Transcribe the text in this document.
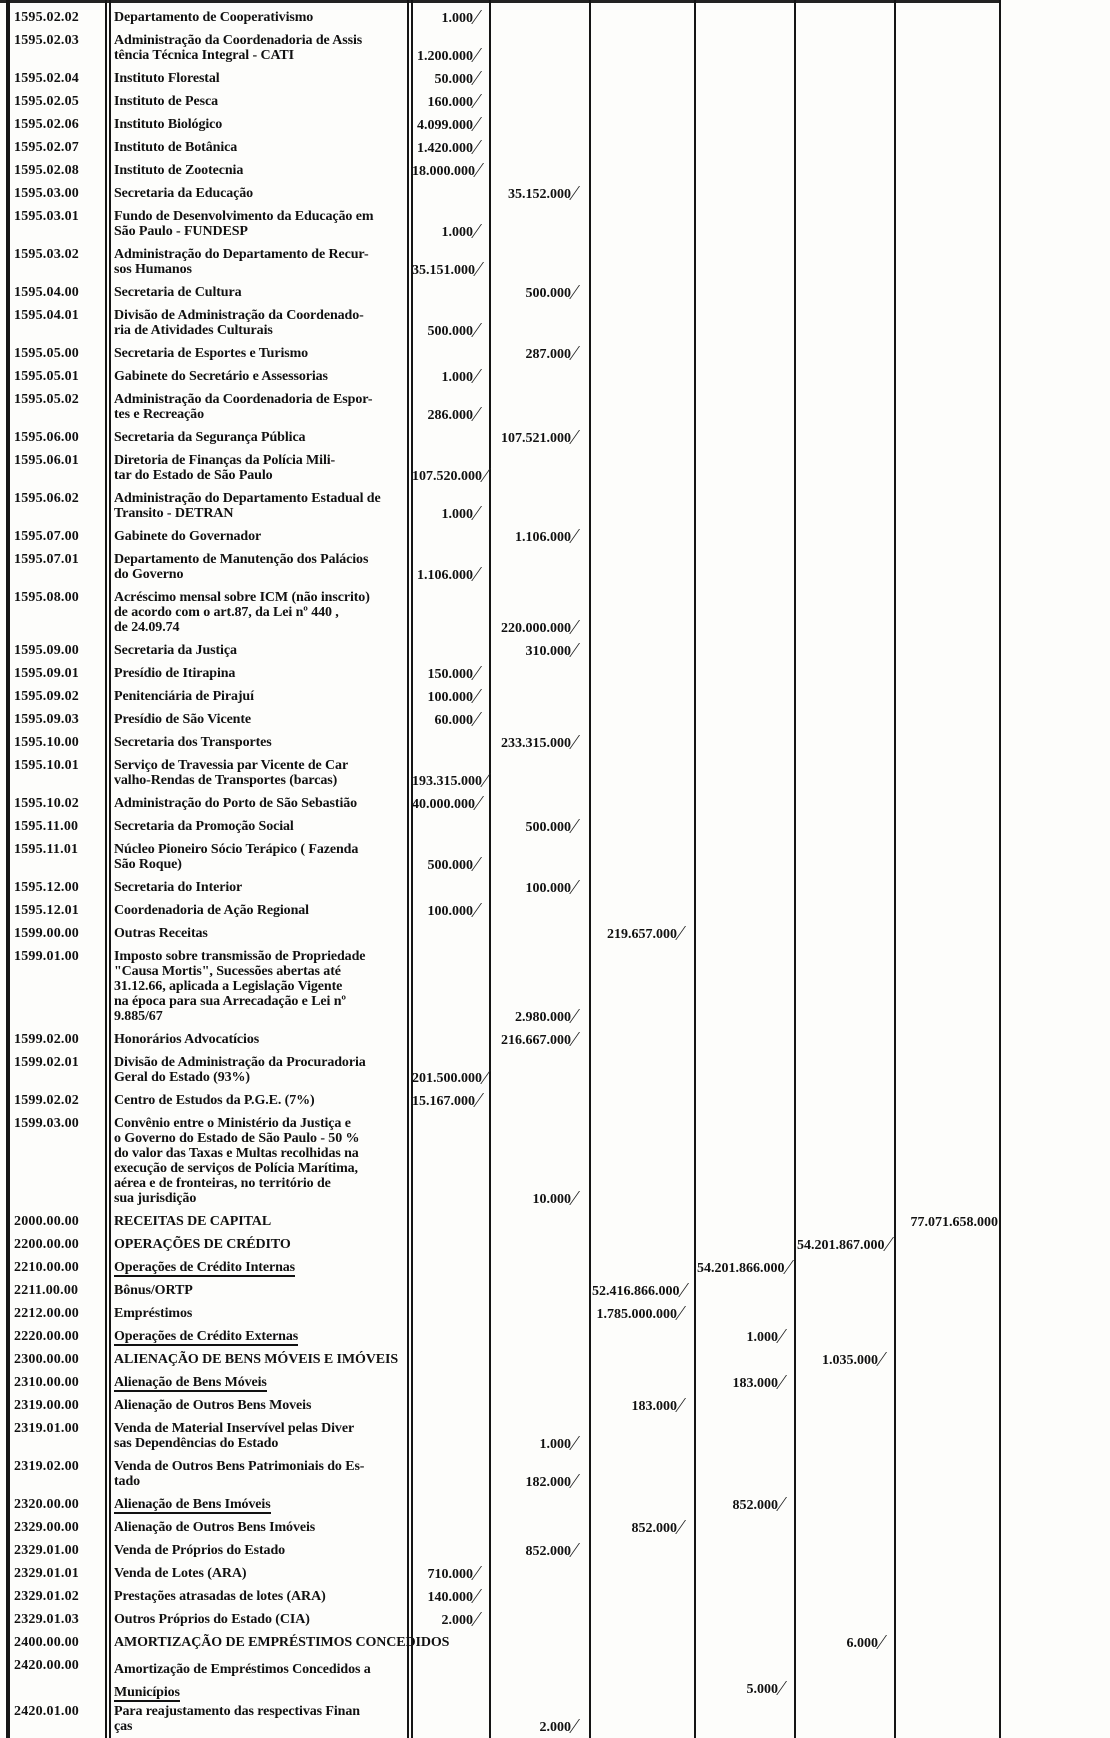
1595.02.02	Departamento de Cooperativismo	1.000
1595.02.03	Administração da Coordenadoria de Assis
tência Técnica Integral - CATI	1.200.000
1595.02.04	Instituto Florestal	50.000
1595.02.05	Instituto de Pesca	160.000
1595.02.06	Instituto Biológico	4.099.000
1595.02.07	Instituto de Botânica	1.420.000
1595.02.08	Instituto de Zootecnia	18.000.000
1595.03.00	Secretaria da Educação	35.152.000
1595.03.01	Fundo de Desenvolvimento da Educação em
São Paulo - FUNDESP	1.000
1595.03.02	Administração do Departamento de Recur-
sos Humanos	35.151.000
1595.04.00	Secretaria de Cultura	500.000
1595.04.01	Divisão de Administração da Coordenado-
ria de Atividades Culturais	500.000
1595.05.00	Secretaria de Esportes e Turismo	287.000
1595.05.01	Gabinete do Secretário e Assessorias	1.000
1595.05.02	Administração da Coordenadoria de Espor-
tes e Recreação	286.000
1595.06.00	Secretaria da Segurança Pública	107.521.000
1595.06.01	Diretoria de Finanças da Polícia Mili-
tar do Estado de São Paulo	107.520.000
1595.06.02	Administração do Departamento Estadual de
Transito - DETRAN	1.000
1595.07.00	Gabinete do Governador	1.106.000
1595.07.01	Departamento de Manutenção dos Palácios
do Governo	1.106.000
1595.08.00	Acréscimo mensal sobre ICM (não inscrito)
de acordo com o art.87, da Lei nº 440 ,
de 24.09.74	220.000.000
1595.09.00	Secretaria da Justiça	310.000
1595.09.01	Presídio de Itirapina	150.000
1595.09.02	Penitenciária de Pirajuí	100.000
1595.09.03	Presídio de São Vicente	60.000
1595.10.00	Secretaria dos Transportes	233.315.000
1595.10.01	Serviço de Travessia par Vicente de Car
valho-Rendas de Transportes (barcas)	193.315.000
1595.10.02	Administração do Porto de São Sebastião	40.000.000
1595.11.00	Secretaria da Promoção Social	500.000
1595.11.01	Núcleo Pioneiro Sócio Terápico ( Fazenda
São Roque)	500.000
1595.12.00	Secretaria do Interior	100.000
1595.12.01	Coordenadoria de Ação Regional	100.000
1599.00.00	Outras Receitas	219.657.000
1599.01.00	Imposto sobre transmissão de Propriedade
"Causa Mortis", Sucessões abertas até
31.12.66, aplicada a Legislação Vigente
na época para sua Arrecadação e Lei nº
9.885/67	2.980.000
1599.02.00	Honorários Advocatícios	216.667.000
1599.02.01	Divisão de Administração da Procuradoria
Geral do Estado (93%)	201.500.000
1599.02.02	Centro de Estudos da P.G.E. (7%)	15.167.000
1599.03.00	Convênio entre o Ministério da Justiça e
o Governo do Estado de São Paulo - 50 %
do valor das Taxas e Multas recolhidas na
execução de serviços de Polícia Marítima,
aérea e de fronteiras, no território de
sua jurisdição	10.000
2000.00.00	RECEITAS DE CAPITAL	77.071.658.000
2200.00.00	OPERAÇÕES DE CRÉDITO	54.201.867.000
2210.00.00	Operações de Crédito Internas	54.201.866.000
2211.00.00	Bônus/ORTP	52.416.866.000
2212.00.00	Empréstimos	1.785.000.000
2220.00.00	Operações de Crédito Externas	1.000
2300.00.00	ALIENAÇÃO DE BENS MÓVEIS E IMÓVEIS	1.035.000
2310.00.00	Alienação de Bens Móveis	183.000
2319.00.00	Alienação de Outros Bens Moveis	183.000
2319.01.00	Venda de Material Inservível pelas Diver
sas Dependências do Estado	1.000
2319.02.00	Venda de Outros Bens Patrimoniais do Es-
tado	182.000
2320.00.00	Alienação de Bens Imóveis	852.000
2329.00.00	Alienação de Outros Bens Imóveis	852.000
2329.01.00	Venda de Próprios do Estado	852.000
2329.01.01	Venda de Lotes (ARA)	710.000
2329.01.02	Prestações atrasadas de lotes (ARA)	140.000
2329.01.03	Outros Próprios do Estado (CIA)	2.000
2400.00.00	AMORTIZAÇÃO DE EMPRÉSTIMOS CONCEDIDOS	6.000
2420.00.00	Amortização de Empréstimos Concedidos a
Municípios	5.000
2420.01.00	Para reajustamento das respectivas Finan
ças	2.000
